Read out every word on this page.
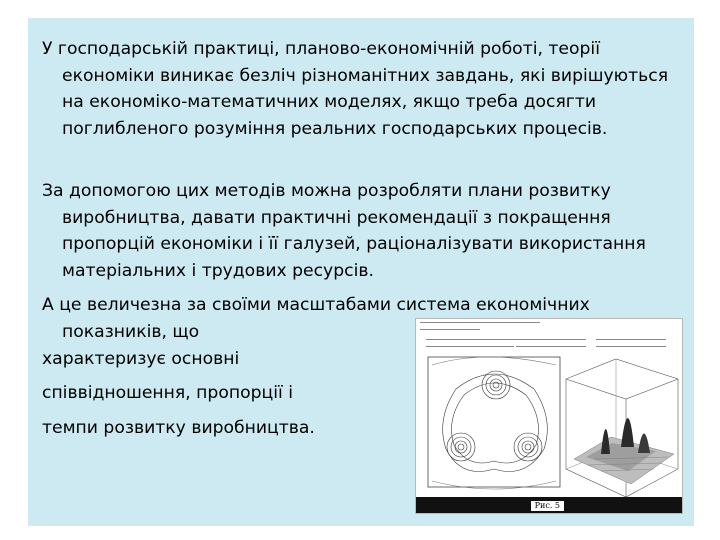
У господарській практиці, планово-економічній роботі, теорії економіки виникає безліч різноманітних завдань, які вирішуються на економіко-математичних моделях, якщо треба досягти поглибленого розуміння реальних господарських процесів.

За допомогою цих методів можна розробляти плани розвитку виробництва, давати практичні рекомендації з покращення пропорцій економіки і її галузей, раціоналізувати використання матеріальних і трудових ресурсів.

А це величезна за своїми масштабами система економічних показників, що

характеризує основні

співвідношення, пропорції і

темпи розвитку виробництва.

Рис. 5
